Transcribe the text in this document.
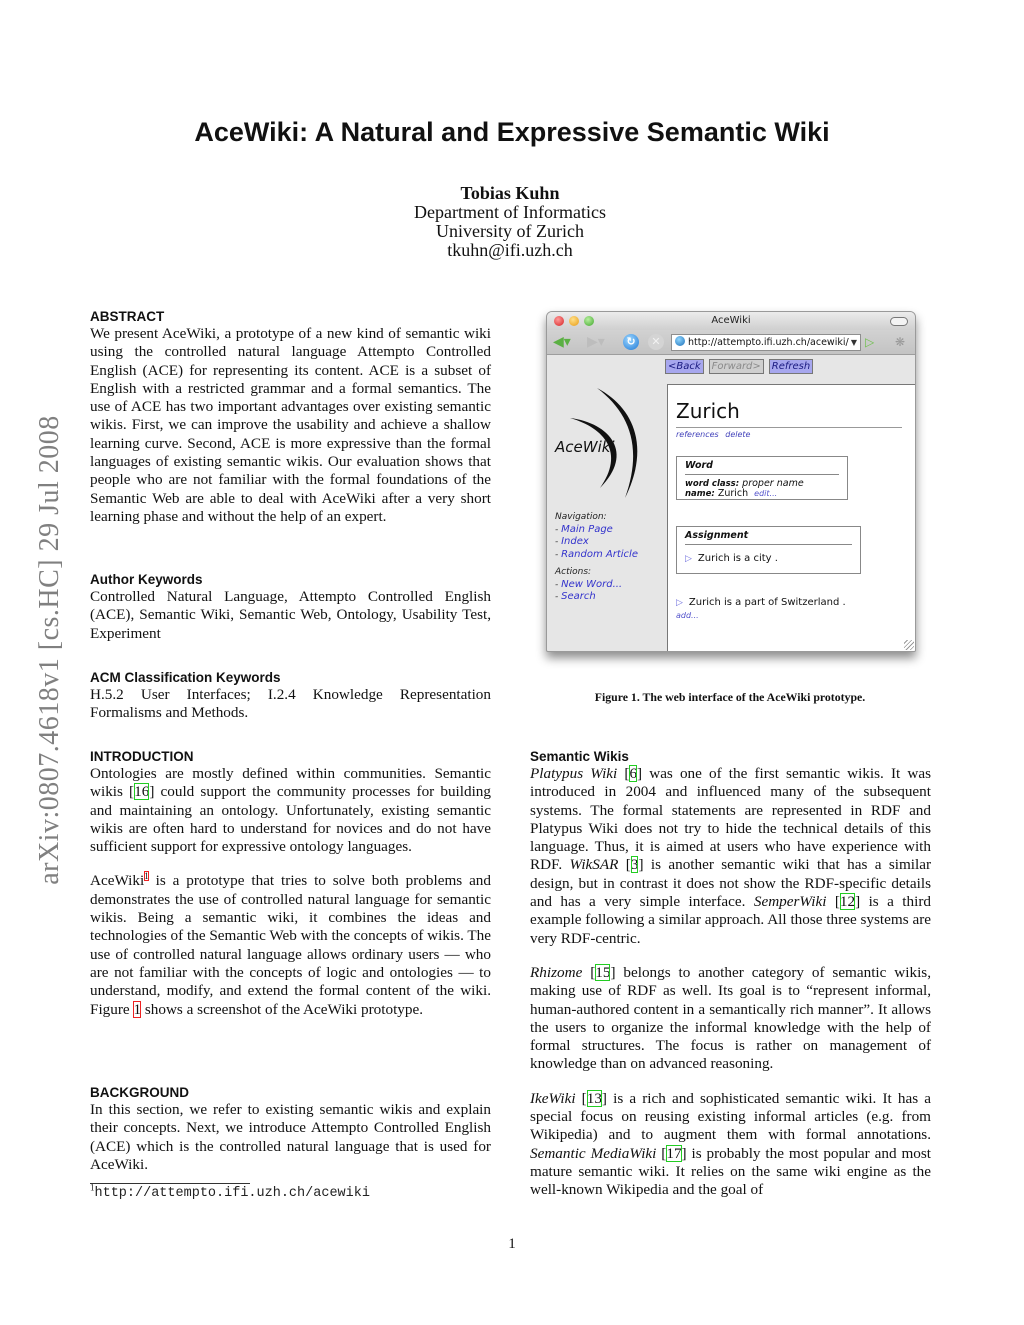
arXiv:0807.4618v1 [cs.HC] 29 Jul 2008
AceWiki: A Natural and Expressive Semantic Wiki
Tobias Kuhn
Department of Informatics
University of Zurich
tkuhn@ifi.uzh.ch
ABSTRACT

We present AceWiki, a prototype of a new kind of semantic wiki using the controlled natural language Attempto Controlled English (ACE) for representing its content. ACE is a subset of English with a restricted grammar and a formal semantics. The use of ACE has two important advantages over existing semantic wikis. First, we can improve the usability and achieve a shallow learning curve. Second, ACE is more expressive than the formal languages of existing semantic wikis. Our evaluation shows that people who are not familiar with the formal foundations of the Semantic Web are able to deal with AceWiki after a very short learning phase and without the help of an expert.

Author Keywords

Controlled Natural Language, Attempto Controlled English (ACE), Semantic Wiki, Semantic Web, Ontology, Usability Test, Experiment

ACM Classification Keywords

H.5.2 User Interfaces; I.2.4 Knowledge Representation Formalisms and Methods.

INTRODUCTION

Ontologies are mostly defined within communities. Semantic wikis [16] could support the community processes for building and maintaining an ontology. Unfortunately, existing semantic wikis are often hard to understand for novices and do not have sufficient support for expressive ontology languages.

AceWiki$^1$ is a prototype that tries to solve both problems and demonstrates the use of controlled natural language for semantic wikis. Being a semantic wiki, it combines the ideas and technologies of the Semantic Web with the concepts of wikis. The use of controlled natural language allows ordinary users — who are not familiar with the concepts of logic and ontologies — to understand, modify, and extend the formal content of the wiki. Figure 1 shows a screenshot of the AceWiki prototype.

BACKGROUND

In this section, we refer to existing semantic wikis and explain their concepts. Next, we introduce Attempto Controlled English (ACE) which is the controlled natural language that is used for AceWiki.

$^1$http://attempto.ifi.uzh.ch/acewiki
AceWiki
◀▾ ▶▾	↻	✕	http://attempto.ifi.uzh.ch/acewiki/ ▼ ▷ ❋
<Back	Forward>	Refresh
AceWiki
Navigation:
- Main Page
- Index
- Random Article
Actions:
- New Word...
- Search
Zurich
references delete
Word
word class: proper name
name: Zurich edit...
Assignment
▷ Zurich is a city .
▷ Zurich is a part of Switzerland .
add...
Figure 1. The web interface of the AceWiki prototype.
Semantic Wikis

Platypus Wiki [6] was one of the first semantic wikis. It was introduced in 2004 and influenced many of the subsequent systems. The formal statements are represented in RDF and Platypus Wiki does not try to hide the technical details of this language. Thus, it is aimed at users who have experience with RDF. WikSAR [3] is another semantic wiki that has a similar design, but in contrast it does not show the RDF-specific details and has a very simple interface. SemperWiki [12] is a third example following a similar approach. All those three systems are very RDF-centric.

Rhizome [15] belongs to another category of semantic wikis, making use of RDF as well. Its goal is to “represent informal, human-authored content in a semantically rich manner”. It allows the users to organize the informal knowledge with the help of formal structures. The focus is rather on management of knowledge than on advanced reasoning.

IkeWiki [13] is a rich and sophisticated semantic wiki. It has a special focus on reusing existing informal articles (e.g. from Wikipedia) and to augment them with formal annotations. Semantic MediaWiki [17] is probably the most popular and most mature semantic wiki. It relies on the same wiki engine as the well-known Wikipedia and the goal of

1
